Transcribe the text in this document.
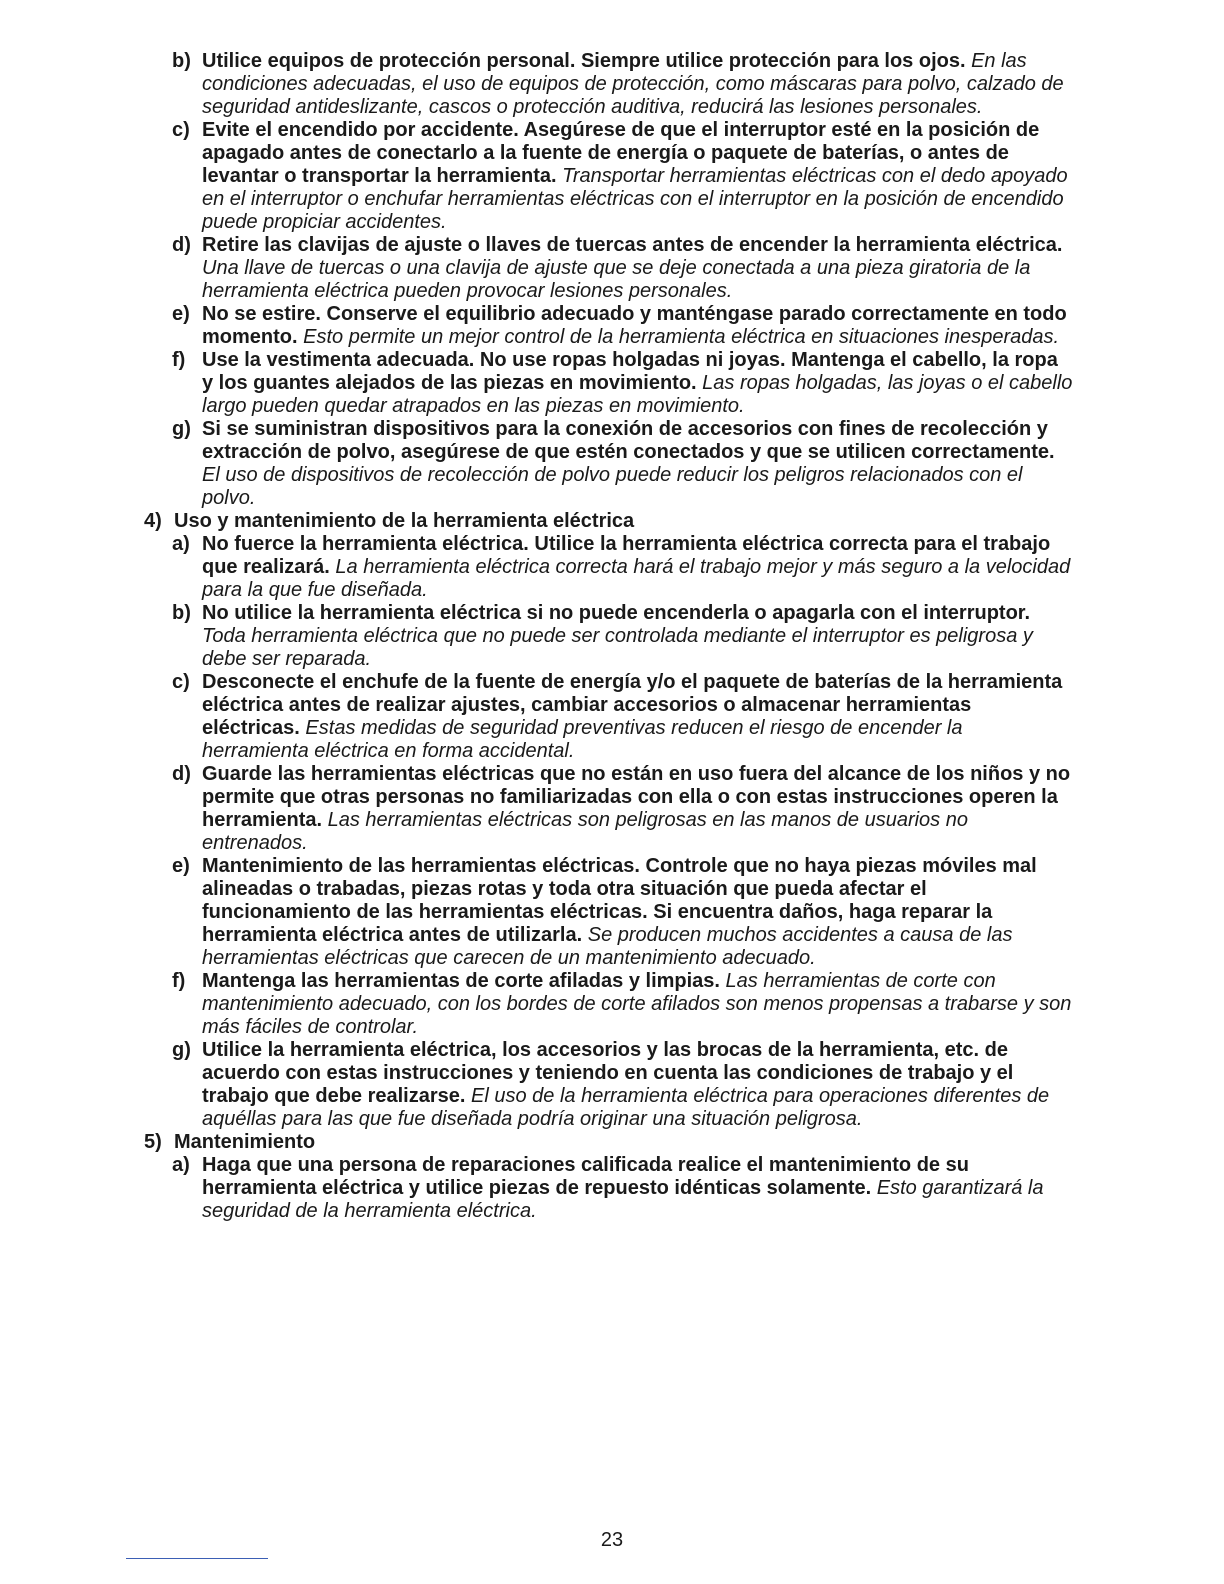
b) Utilice equipos de protección personal. Siempre utilice protección para los ojos. En las condiciones adecuadas, el uso de equipos de protección, como máscaras para polvo, calzado de seguridad antideslizante, cascos o protección auditiva, reducirá las lesiones personales.
c) Evite el encendido por accidente. Asegúrese de que el interruptor esté en la posición de apagado antes de conectarlo a la fuente de energía o paquete de baterías, o antes de levantar o transportar la herramienta. Transportar herramientas eléctricas con el dedo apoyado en el interruptor o enchufar herramientas eléctricas con el interruptor en la posición de encendido puede propiciar accidentes.
d) Retire las clavijas de ajuste o llaves de tuercas antes de encender la herramienta eléctrica. Una llave de tuercas o una clavija de ajuste que se deje conectada a una pieza giratoria de la herramienta eléctrica pueden provocar lesiones personales.
e) No se estire. Conserve el equilibrio adecuado y manténgase parado correctamente en todo momento. Esto permite un mejor control de la herramienta eléctrica en situaciones inesperadas.
f) Use la vestimenta adecuada. No use ropas holgadas ni joyas. Mantenga el cabello, la ropa y los guantes alejados de las piezas en movimiento. Las ropas holgadas, las joyas o el cabello largo pueden quedar atrapados en las piezas en movimiento.
g) Si se suministran dispositivos para la conexión de accesorios con fines de recolección y extracción de polvo, asegúrese de que estén conectados y que se utilicen correctamente. El uso de dispositivos de recolección de polvo puede reducir los peligros relacionados con el polvo.
4) Uso y mantenimiento de la herramienta eléctrica
a) No fuerce la herramienta eléctrica. Utilice la herramienta eléctrica correcta para el trabajo que realizará. La herramienta eléctrica correcta hará el trabajo mejor y más seguro a la velocidad para la que fue diseñada.
b) No utilice la herramienta eléctrica si no puede encenderla o apagarla con el interruptor. Toda herramienta eléctrica que no puede ser controlada mediante el interruptor es peligrosa y debe ser reparada.
c) Desconecte el enchufe de la fuente de energía y/o el paquete de baterías de la herramienta eléctrica antes de realizar ajustes, cambiar accesorios o almacenar herramientas eléctricas. Estas medidas de seguridad preventivas reducen el riesgo de encender la herramienta eléctrica en forma accidental.
d) Guarde las herramientas eléctricas que no están en uso fuera del alcance de los niños y no permite que otras personas no familiarizadas con ella o con estas instrucciones operen la herramienta. Las herramientas eléctricas son peligrosas en las manos de usuarios no entrenados.
e) Mantenimiento de las herramientas eléctricas. Controle que no haya piezas móviles mal alineadas o trabadas, piezas rotas y toda otra situación que pueda afectar el funcionamiento de las herramientas eléctricas. Si encuentra daños, haga reparar la herramienta eléctrica antes de utilizarla. Se producen muchos accidentes a causa de las herramientas eléctricas que carecen de un mantenimiento adecuado.
f) Mantenga las herramientas de corte afiladas y limpias. Las herramientas de corte con mantenimiento adecuado, con los bordes de corte afilados son menos propensas a trabarse y son más fáciles de controlar.
g) Utilice la herramienta eléctrica, los accesorios y las brocas de la herramienta, etc. de acuerdo con estas instrucciones y teniendo en cuenta las condiciones de trabajo y el trabajo que debe realizarse. El uso de la herramienta eléctrica para operaciones diferentes de aquéllas para las que fue diseñada podría originar una situación peligrosa.
5) Mantenimiento
a) Haga que una persona de reparaciones calificada realice el mantenimiento de su herramienta eléctrica y utilice piezas de repuesto idénticas solamente. Esto garantizará la seguridad de la herramienta eléctrica.
23
